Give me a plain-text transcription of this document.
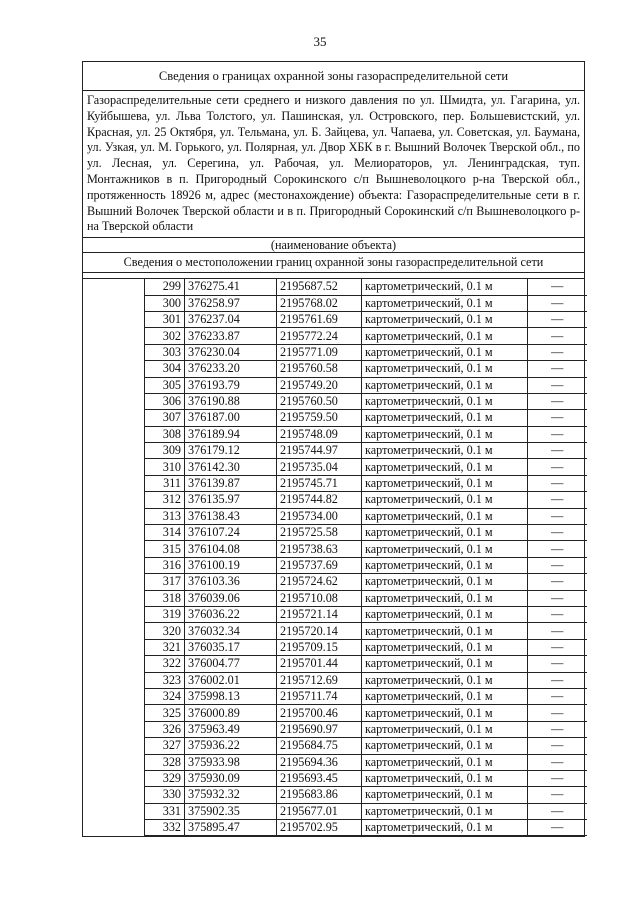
35
Сведения о границах охранной зоны газораспределительной сети
Газораспределительные сети среднего и низкого давления по ул. Шмидта, ул. Гагарина, ул. Куйбышева, ул. Льва Толстого, ул. Пашинская, ул. Островского, пер. Большевистский, ул. Красная, ул. 25 Октября, ул. Тельмана, ул. Б. Зайцева, ул. Чапаева, ул. Советская, ул. Баумана, ул. Узкая, ул. М. Горького, ул. Полярная, ул. Двор ХБК в г. Вышний Волочек Тверской обл., по ул. Лесная, ул. Серегина, ул. Рабочая, ул. Мелиораторов, ул. Ленинградская, туп. Монтажников в п. Пригородный Сорокинского с/п Вышневолоцкого р-на Тверской обл., протяженность 18926 м, адрес (местонахождение) объекта: Газораспределительные сети в г. Вышний Волочек Тверской области и в п. Пригородный Сорокинский с/п Вышневолоцкого р-на Тверской области
(наименование объекта)
Сведения о местоположении границ охранной зоны газораспределительной сети
299	376275.41	2195687.52	картометрический, 0.1 м	—
300	376258.97	2195768.02	картометрический, 0.1 м	—
301	376237.04	2195761.69	картометрический, 0.1 м	—
302	376233.87	2195772.24	картометрический, 0.1 м	—
303	376230.04	2195771.09	картометрический, 0.1 м	—
304	376233.20	2195760.58	картометрический, 0.1 м	—
305	376193.79	2195749.20	картометрический, 0.1 м	—
306	376190.88	2195760.50	картометрический, 0.1 м	—
307	376187.00	2195759.50	картометрический, 0.1 м	—
308	376189.94	2195748.09	картометрический, 0.1 м	—
309	376179.12	2195744.97	картометрический, 0.1 м	—
310	376142.30	2195735.04	картометрический, 0.1 м	—
311	376139.87	2195745.71	картометрический, 0.1 м	—
312	376135.97	2195744.82	картометрический, 0.1 м	—
313	376138.43	2195734.00	картометрический, 0.1 м	—
314	376107.24	2195725.58	картометрический, 0.1 м	—
315	376104.08	2195738.63	картометрический, 0.1 м	—
316	376100.19	2195737.69	картометрический, 0.1 м	—
317	376103.36	2195724.62	картометрический, 0.1 м	—
318	376039.06	2195710.08	картометрический, 0.1 м	—
319	376036.22	2195721.14	картометрический, 0.1 м	—
320	376032.34	2195720.14	картометрический, 0.1 м	—
321	376035.17	2195709.15	картометрический, 0.1 м	—
322	376004.77	2195701.44	картометрический, 0.1 м	—
323	376002.01	2195712.69	картометрический, 0.1 м	—
324	375998.13	2195711.74	картометрический, 0.1 м	—
325	376000.89	2195700.46	картометрический, 0.1 м	—
326	375963.49	2195690.97	картометрический, 0.1 м	—
327	375936.22	2195684.75	картометрический, 0.1 м	—
328	375933.98	2195694.36	картометрический, 0.1 м	—
329	375930.09	2195693.45	картометрический, 0.1 м	—
330	375932.32	2195683.86	картометрический, 0.1 м	—
331	375902.35	2195677.01	картометрический, 0.1 м	—
332	375895.47	2195702.95	картометрический, 0.1 м	—
